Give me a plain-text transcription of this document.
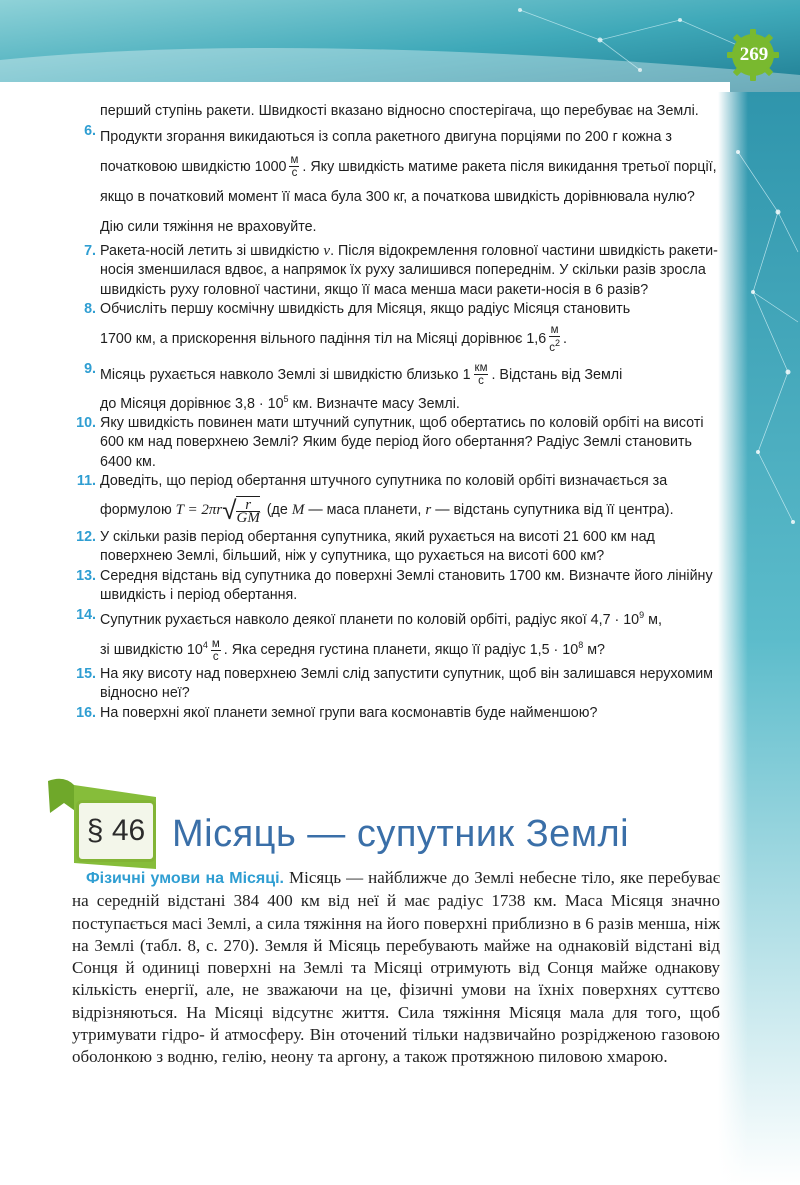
269
перший ступінь ракети. Швидкості вказано відносно спостерігача, що перебуває на Землі.
6. Продукти згорання викидаються із сопла ракетного двигуна порціями по 200 г кожна з початковою швидкістю $1000 \frac{м}{с}$ . Яку швидкість матиме ракета після викидання третьої порції, якщо в початковий момент її маса була 300 кг, а початкова швидкість дорівнювала нулю? Дію сили тяжіння не враховуйте.
7. Ракета-носій летить зі швидкістю v. Після відокремлення головної частини швидкість ракети-носія зменшилася вдвоє, а напрямок їх руху залишився попереднім. У скільки разів зросла швидкість руху головної частини, якщо її маса менша маси ракети-носія в 6 разів?
8. Обчисліть першу космічну швидкість для Місяця, якщо радіус Місяця становить
1700 км, а прискорення вільного падіння тіл на Місяці дорівнює $1,6 \frac{м}{с^2}$ .
9. Місяць рухається навколо Землі зі швидкістю близько $1 \frac{км}{с}$ . Відстань від Землі
до Місяця дорівнює $3,8 \cdot 10^5$ км. Визначте масу Землі.
10. Яку швидкість повинен мати штучний супутник, щоб обертатись по коловій орбіті на висоті 600 км над поверхнею Землі? Яким буде період його обертання? Радіус Землі становить 6400 км.
11. Доведіть, що період обертання штучного супутника по коловій орбіті визначається за формулою $T = 2\pi r√ \frac{r}{GM} (де$ M — маса планети, r — відстань супутника від її центра).
12. У скільки разів період обертання супутника, який рухається на висоті 21 600 км над поверхнею Землі, більший, ніж у супутника, що рухається на висоті 600 км?
13. Середня відстань від супутника до поверхні Землі становить 1700 км. Визначте його лінійну швидкість і період обертання.
14. Супутник рухається навколо деякої планети по коловій орбіті, радіус якої $4,7 \cdot 10^9$ м,
зі швидкістю $10^4 \frac{м}{с}$ . Яка середня густина планети, якщо її радіус $1,5 \cdot 10^8$ м?
15. На яку висоту над поверхнею Землі слід запустити супутник, щоб він залишався нерухомим відносно неї?
16. На поверхні якої планети земної групи вага космонавтів буде найменшою?
§ 46 Місяць — супутник Землі
Фізичні умови на Місяці. Місяць — найближче до Землі небесне тіло, яке перебуває на середній відстані 384 400 км від неї й має радіус 1738 км. Маса Місяця значно поступається масі Землі, а сила тяжіння на його поверхні приблизно в 6 разів менша, ніж на Землі (табл. 8, с. 270). Земля й Місяць перебувають майже на однаковій відстані від Сонця й одиниці поверхні на Землі та Місяці отримують від Сонця майже однакову кількість енергії, але, не зважаючи на це, фізичні умови на їхніх поверхнях суттєво відрізняються. На Місяці відсутнє життя. Сила тяжіння Місяця мала для того, щоб утримувати гідро- й атмосферу. Він оточений тільки надзвичайно розрідженою газовою оболонкою з водню, гелію, неону та аргону, а також протяжною пиловою хмарою.
